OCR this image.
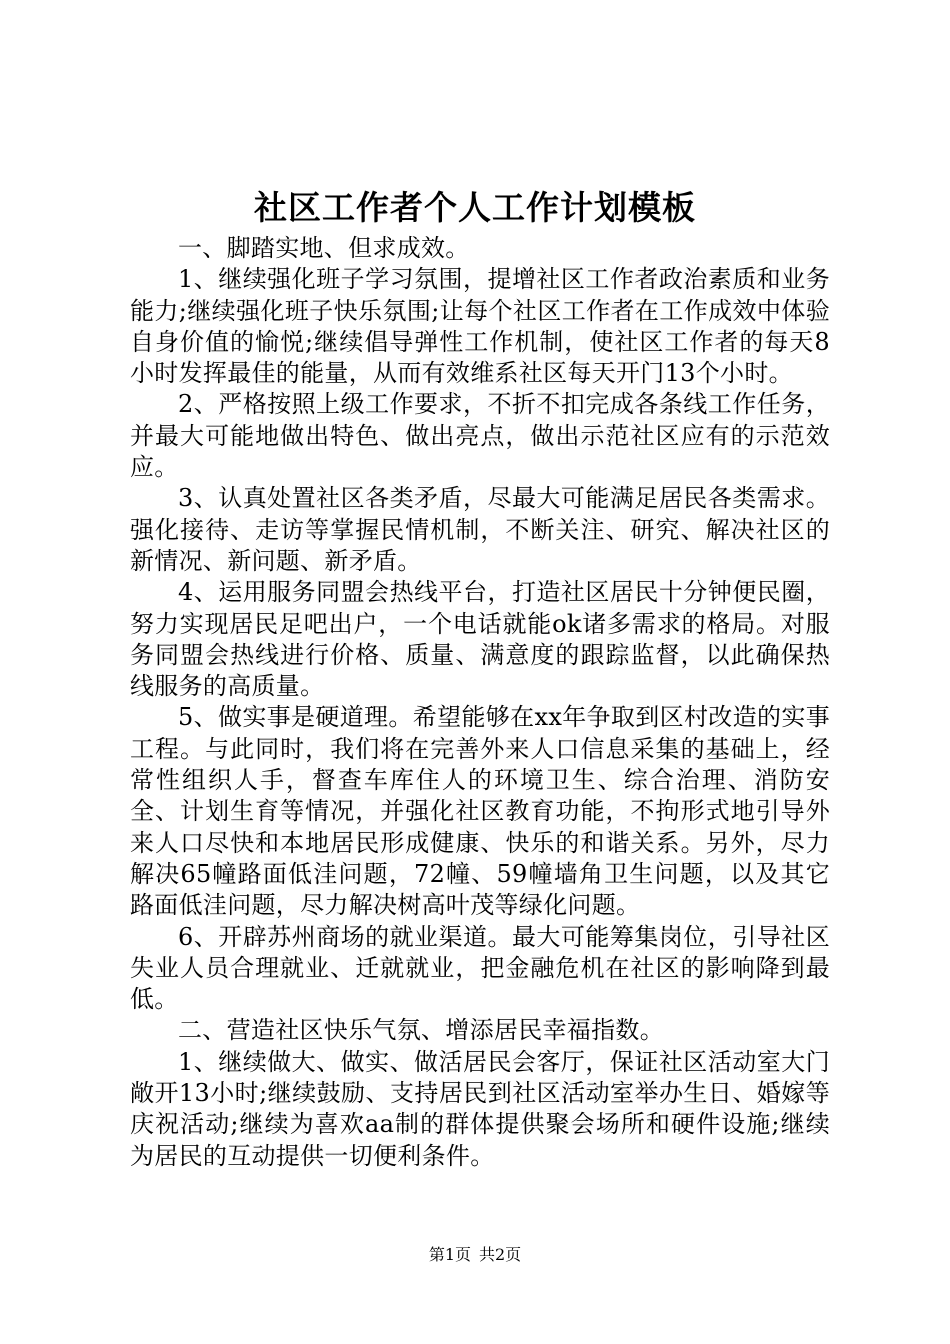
社区工作者个人工作计划模板

一、脚踏实地、但求成效。

1、继续强化班子学习氛围，提增社区工作者政治素质和业务能力;继续强化班子快乐氛围;让每个社区工作者在工作成效中体验自身价值的愉悦;继续倡导弹性工作机制，使社区工作者的每天8小时发挥最佳的能量，从而有效维系社区每天开门13个小时。

2、严格按照上级工作要求，不折不扣完成各条线工作任务，并最大可能地做出特色、做出亮点，做出示范社区应有的示范效应。

3、认真处置社区各类矛盾，尽最大可能满足居民各类需求。强化接待、走访等掌握民情机制，不断关注、研究、解决社区的新情况、新问题、新矛盾。

4、运用服务同盟会热线平台，打造社区居民十分钟便民圈，努力实现居民足吧出户，一个电话就能ok诸多需求的格局。对服务同盟会热线进行价格、质量、满意度的跟踪监督，以此确保热线服务的高质量。

5、做实事是硬道理。希望能够在xx年争取到区村改造的实事工程。与此同时，我们将在完善外来人口信息采集的基础上，经常性组织人手，督查车库住人的环境卫生、综合治理、消防安全、计划生育等情况，并强化社区教育功能，不拘形式地引导外来人口尽快和本地居民形成健康、快乐的和谐关系。另外，尽力解决65幢路面低洼问题，72幢、59幢墙角卫生问题，以及其它路面低洼问题，尽力解决树高叶茂等绿化问题。

6、开辟苏州商场的就业渠道。最大可能筹集岗位，引导社区失业人员合理就业、迁就就业，把金融危机在社区的影响降到最低。

二、营造社区快乐气氛、增添居民幸福指数。

1、继续做大、做实、做活居民会客厅，保证社区活动室大门敞开13小时;继续鼓励、支持居民到社区活动室举办生日、婚嫁等庆祝活动;继续为喜欢aa制的群体提供聚会场所和硬件设施;继续为居民的互动提供一切便利条件。

第1页 共2页
